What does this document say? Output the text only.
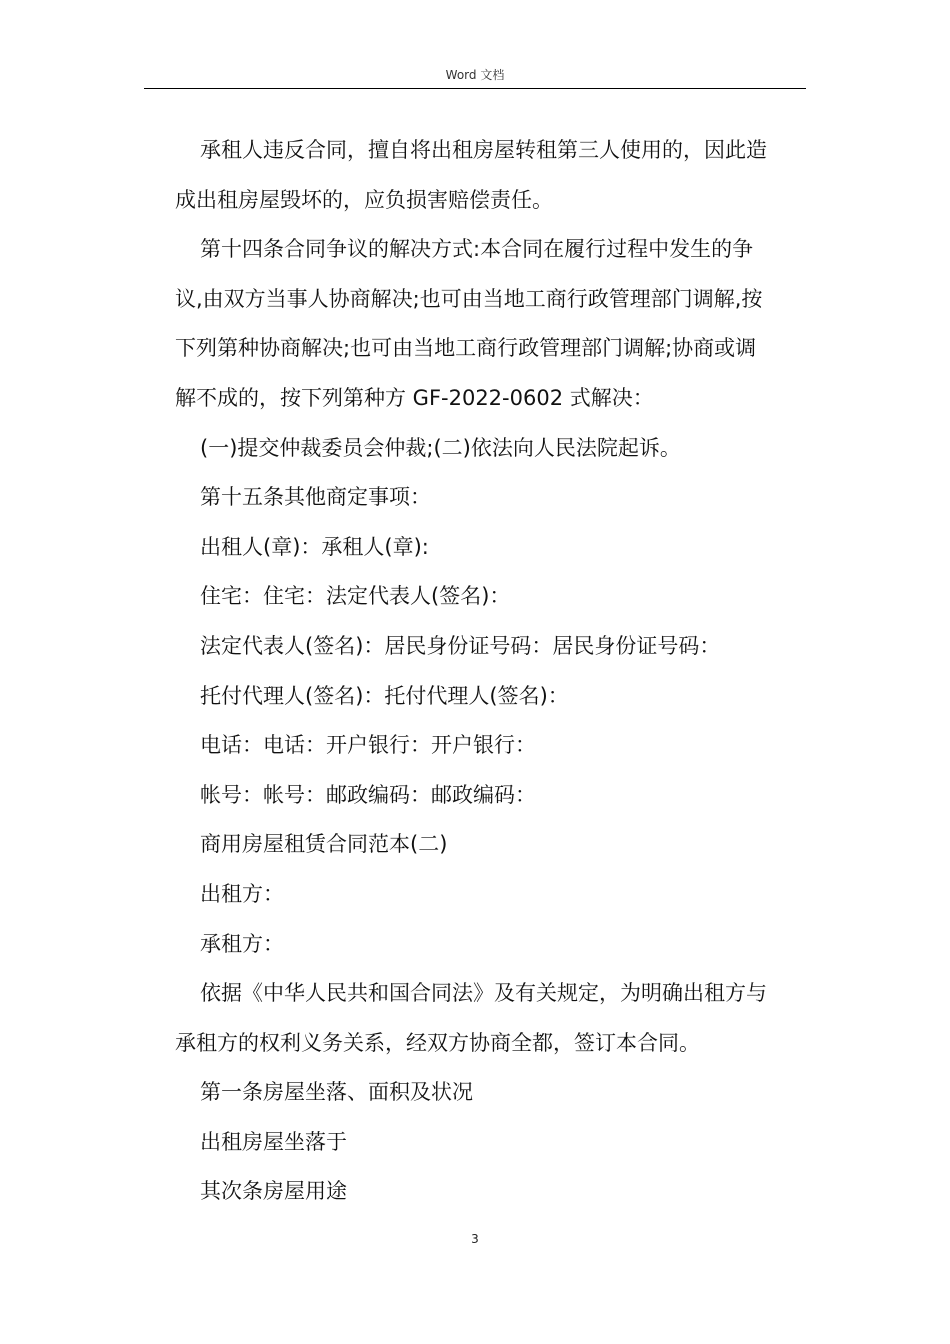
Word 文档

承租人违反合同，擅自将出租房屋转租第三人使用的，因此造

成出租房屋毁坏的，应负损害赔偿责任。

第十四条合同争议的解决方式:本合同在履行过程中发生的争

议,由双方当事人协商解决;也可由当地工商行政管理部门调解,按

下列第种协商解决;也可由当地工商行政管理部门调解;协商或调

解不成的，按下列第种方 GF-2022-0602 式解决：

(一)提交仲裁委员会仲裁;(二)依法向人民法院起诉。

第十五条其他商定事项：

出租人(章)：承租人(章):

住宅：住宅：法定代表人(签名)：

法定代表人(签名)：居民身份证号码：居民身份证号码：

托付代理人(签名)：托付代理人(签名)：

电话：电话：开户银行：开户银行：

帐号：帐号：邮政编码：邮政编码：

商用房屋租赁合同范本(二)

出租方：

承租方：

依据《中华人民共和国合同法》及有关规定，为明确出租方与

承租方的权利义务关系，经双方协商全都，签订本合同。

第一条房屋坐落、面积及状况

出租房屋坐落于

其次条房屋用途

3
